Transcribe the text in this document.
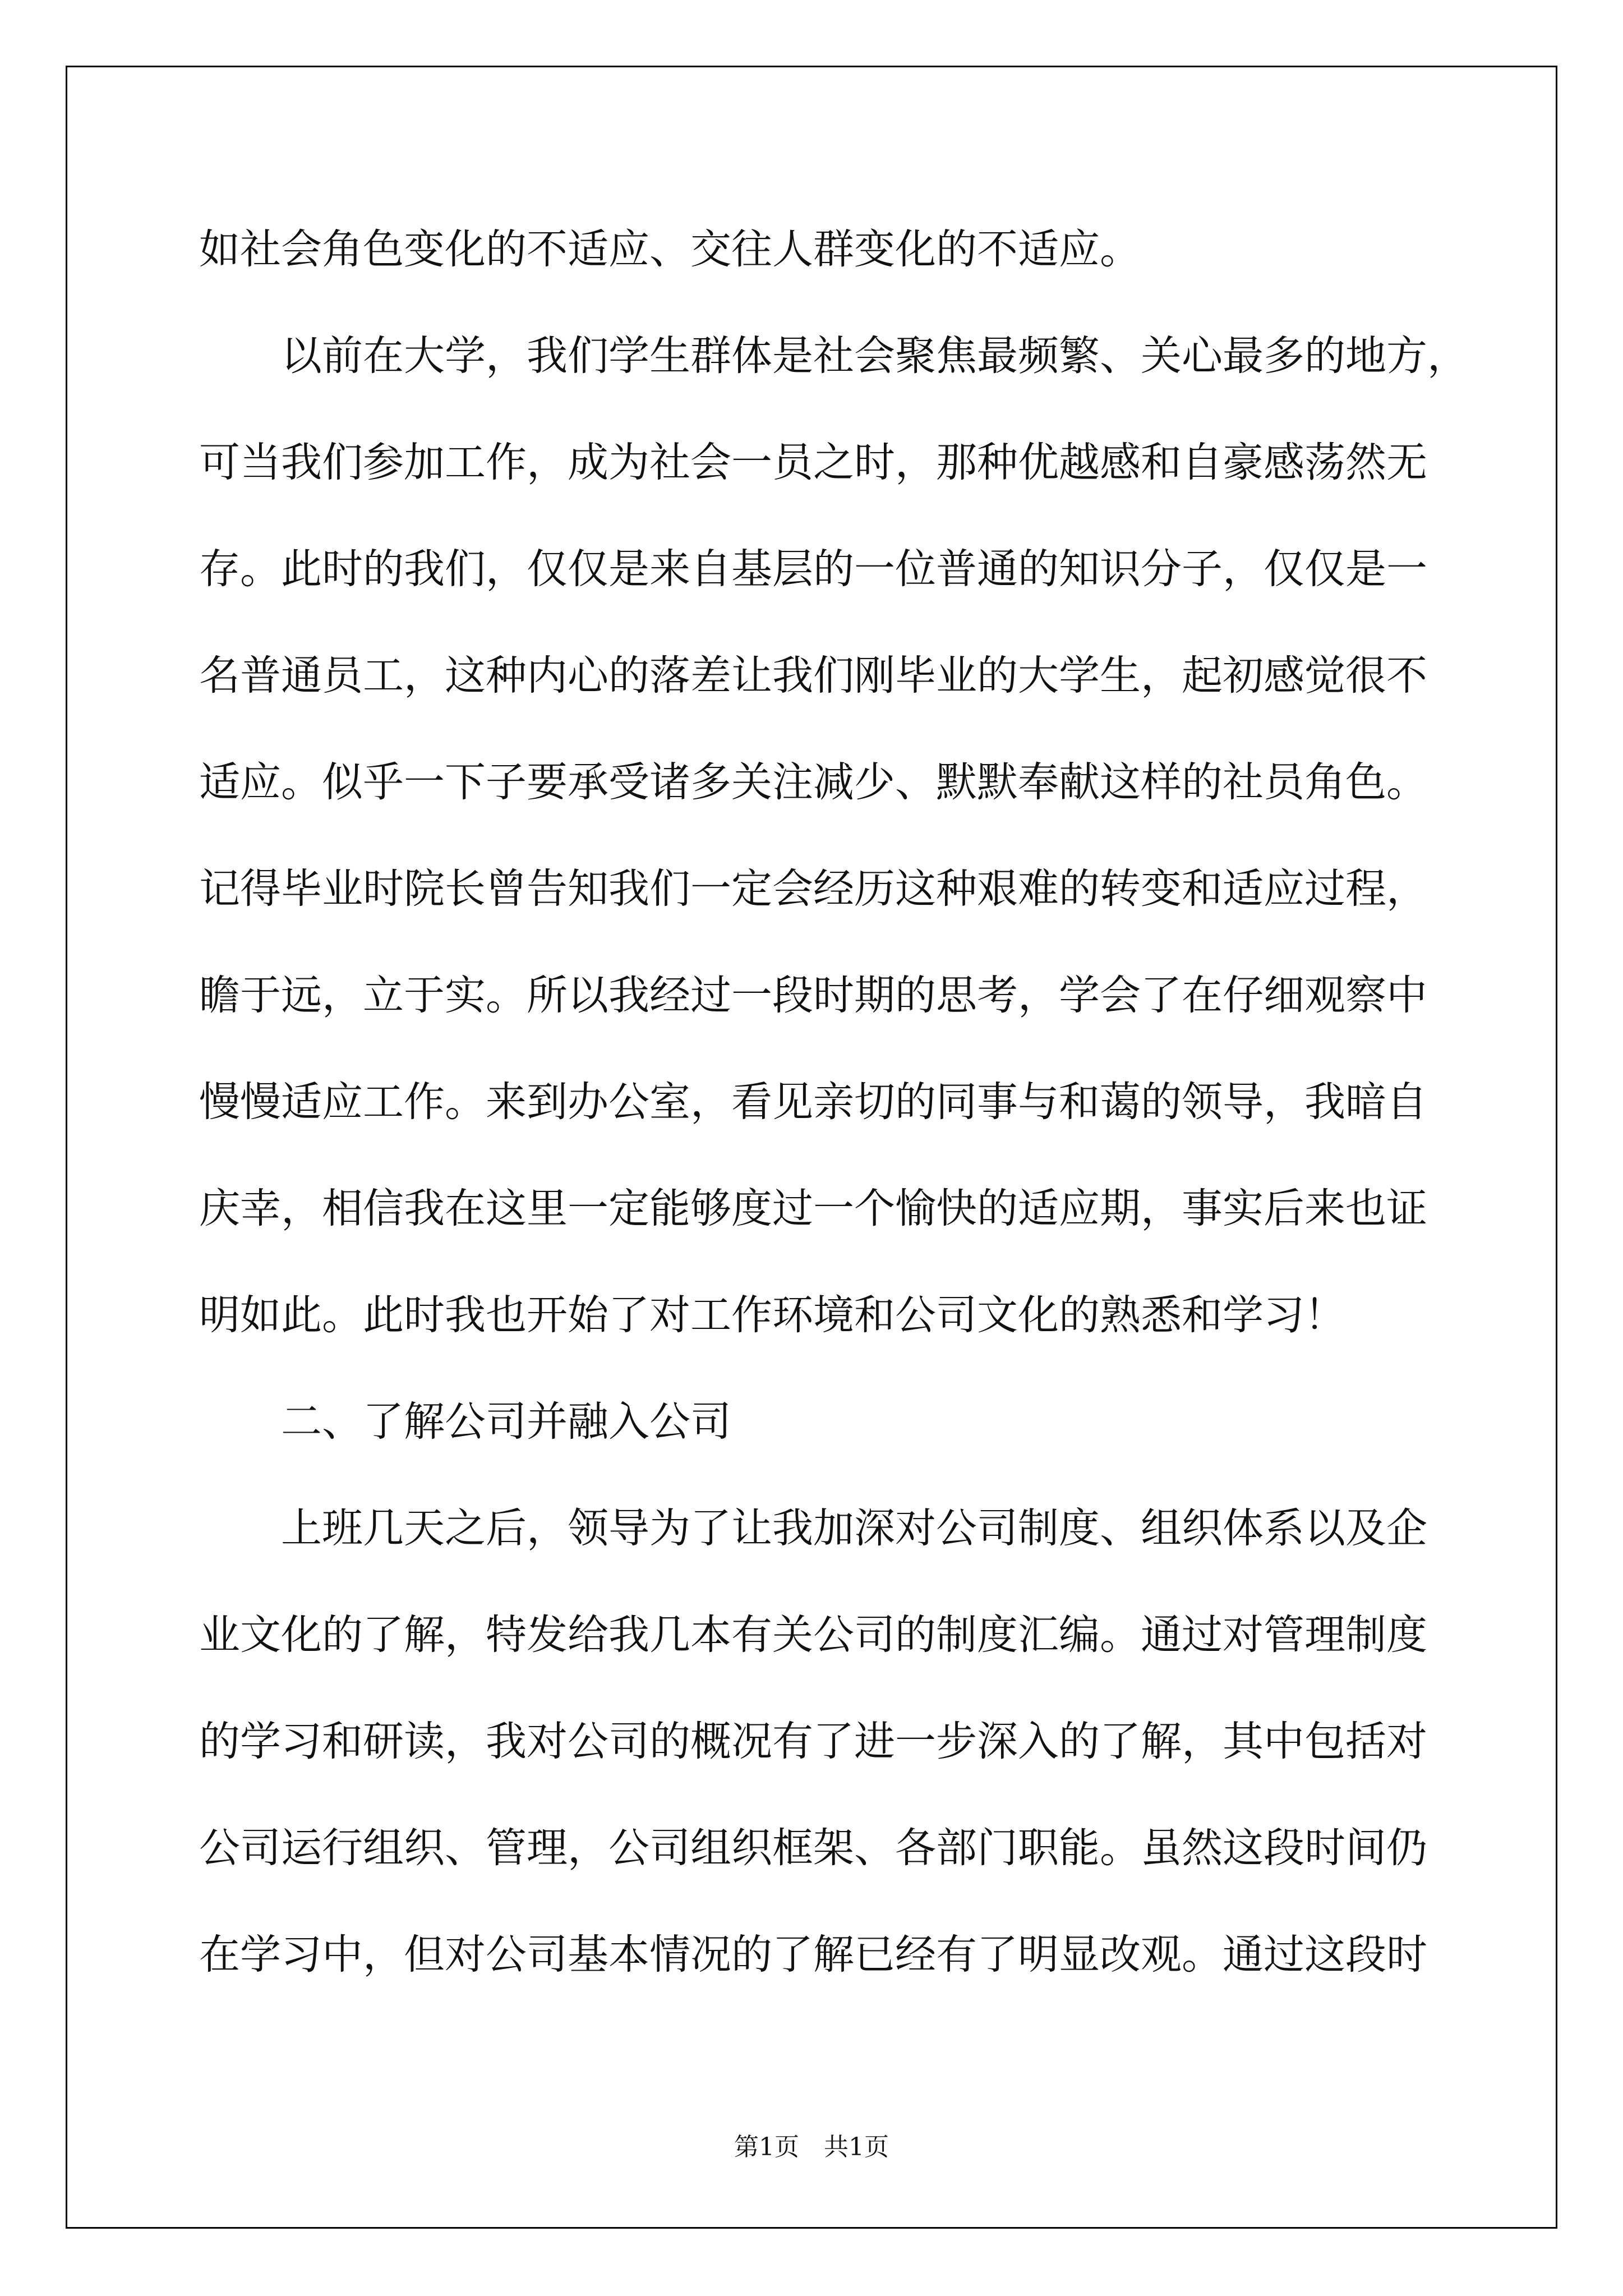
如社会角色变化的不适应、交往人群变化的不适应。
以前在大学，我们学生群体是社会聚焦最频繁、关心最多的地方，
可当我们参加工作，成为社会一员之时，那种优越感和自豪感荡然无
存。此时的我们，仅仅是来自基层的一位普通的知识分子，仅仅是一
名普通员工，这种内心的落差让我们刚毕业的大学生，起初感觉很不
适应。似乎一下子要承受诸多关注减少、默默奉献这样的社员角色。
记得毕业时院长曾告知我们一定会经历这种艰难的转变和适应过程，
瞻于远，立于实。所以我经过一段时期的思考，学会了在仔细观察中
慢慢适应工作。来到办公室，看见亲切的同事与和蔼的领导，我暗自
庆幸，相信我在这里一定能够度过一个愉快的适应期，事实后来也证
明如此。此时我也开始了对工作环境和公司文化的熟悉和学习！
二、了解公司并融入公司
上班几天之后，领导为了让我加深对公司制度、组织体系以及企
业文化的了解，特发给我几本有关公司的制度汇编。通过对管理制度
的学习和研读，我对公司的概况有了进一步深入的了解，其中包括对
公司运行组织、管理，公司组织框架、各部门职能。虽然这段时间仍
在学习中，但对公司基本情况的了解已经有了明显改观。通过这段时
第1页　共1页
